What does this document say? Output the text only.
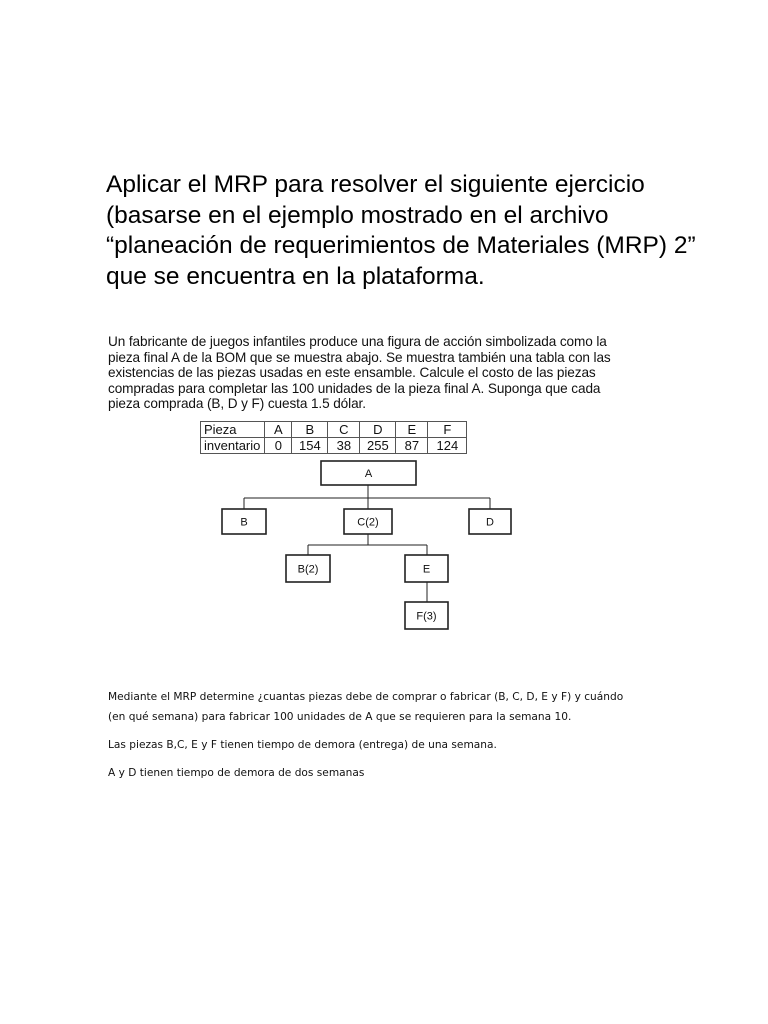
Aplicar el MRP para resolver el siguiente ejercicio
(basarse en el ejemplo mostrado en el archivo
“planeación de requerimientos de Materiales (MRP) 2”
que se encuentra en la plataforma.
Un fabricante de juegos infantiles produce una figura de acción simbolizada como la
pieza final A de la BOM que se muestra abajo. Se muestra también una tabla con las
existencias de las piezas usadas en este ensamble. Calcule el costo de las piezas
compradas para completar las 100 unidades de la pieza final A. Suponga que cada
pieza comprada (B, D y F) cuesta 1.5 dólar.
Pieza	A	B	C	D	E	F
inventario	0	154	38	255	87	124
A
B	C(2)	D
B(2)	E
F(3)

Mediante el MRP determine ¿cuantas piezas debe de comprar o fabricar (B, C, D, E y F) y cuándo

(en qué semana) para fabricar 100 unidades de A que se requieren para la semana 10.

Las piezas B,C, E y F tienen tiempo de demora (entrega) de una semana.

A y D tienen tiempo de demora de dos semanas
